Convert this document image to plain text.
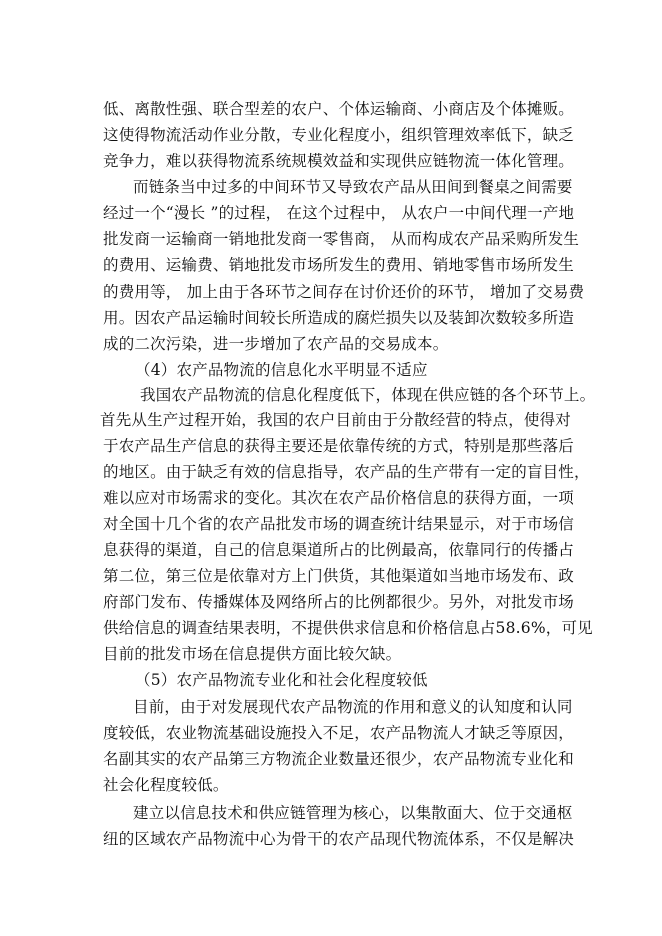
低、离散性强、联合型差的农户、个体运输商、小商店及个体摊贩。
这使得物流活动作业分散，专业化程度小，组织管理效率低下，缺乏
竞争力，难以获得物流系统规模效益和实现供应链物流一体化管理。
而链条当中过多的中间环节又导致农产品从田间到餐桌之间需要
经过一个“漫长 ”的过程， 在这个过程中， 从农户一中间代理一产地
批发商一运输商一销地批发商一零售商， 从而构成农产品采购所发生
的费用、运输费、销地批发市场所发生的费用、销地零售市场所发生
的费用等， 加上由于各环节之间存在讨价还价的环节， 增加了交易费
用。因农产品运输时间较长所造成的腐烂损失以及装卸次数较多所造
成的二次污染，进一步增加了农产品的交易成本。
（4）农产品物流的信息化水平明显不适应
我国农产品物流的信息化程度低下，体现在供应链的各个环节上。
首先从生产过程开始，我国的农户目前由于分散经营的特点，使得对
于农产品生产信息的获得主要还是依靠传统的方式，特别是那些落后
的地区。由于缺乏有效的信息指导，农产品的生产带有一定的盲目性，
难以应对市场需求的变化。其次在农产品价格信息的获得方面，一项
对全国十几个省的农产品批发市场的调查统计结果显示，对于市场信
息获得的渠道，自己的信息渠道所占的比例最高，依靠同行的传播占
第二位，第三位是依靠对方上门供货，其他渠道如当地市场发布、政
府部门发布、传播媒体及网络所占的比例都很少。另外，对批发市场
供给信息的调查结果表明，不提供供求信息和价格信息占58.6%，可见
目前的批发市场在信息提供方面比较欠缺。
（5）农产品物流专业化和社会化程度较低
目前，由于对发展现代农产品物流的作用和意义的认知度和认同
度较低，农业物流基础设施投入不足，农产品物流人才缺乏等原因，
名副其实的农产品第三方物流企业数量还很少，农产品物流专业化和
社会化程度较低。
建立以信息技术和供应链管理为核心，以集散面大、位于交通枢
纽的区域农产品物流中心为骨干的农产品现代物流体系，不仅是解决
